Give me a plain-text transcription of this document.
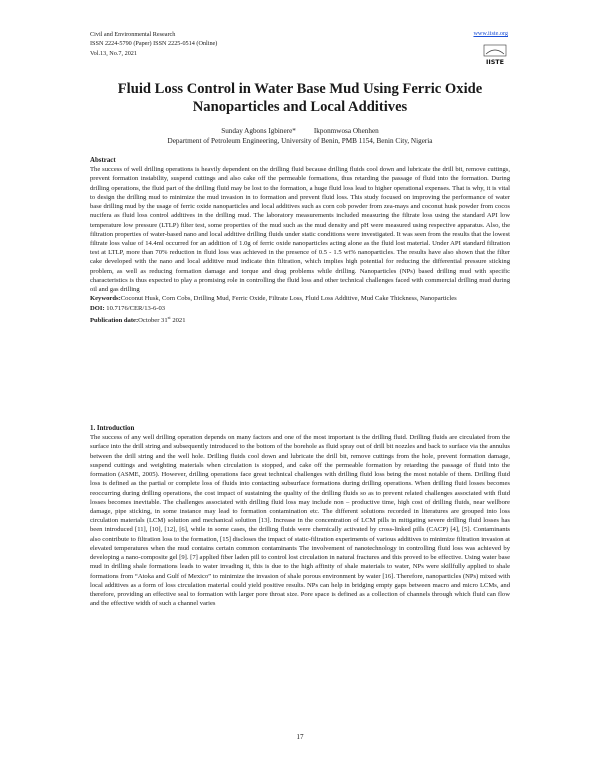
Civil and Environmental Research
ISSN 2224-5790 (Paper) ISSN 2225-0514 (Online)
Vol.13, No.7, 2021
www.iiste.org
IISTE
Fluid Loss Control in Water Base Mud Using Ferric Oxide Nanoparticles and Local Additives
Sunday Agbons Igbinere*	Ikponmwosa Ohenhen
Department of Petroleum Engineering, University of Benin, PMB 1154, Benin City, Nigeria
Abstract

The success of well drilling operations is heavily dependent on the drilling fluid because drilling fluids cool down and lubricate the drill bit, remove cuttings, prevent formation instability, suspend cuttings and also cake off the permeable formations, thus retarding the passage of fluid into the formation. During drilling operations, the fluid part of the drilling fluid may be lost to the formation, a huge fluid loss lead to higher operational expenses. That is why, it is vital to design the drilling mud to minimize the mud invasion in to formation and prevent fluid loss. This study focused on improving the performance of water base drilling mud by the usage of ferric oxide nanoparticles and local additives such as corn cob powder from zea-mays and coconut husk powder from cocos nucifera as fluid loss control additives in the drilling mud. The laboratory measurements included measuring the filtrate loss using the standard API low temperature low pressure (LTLP) filter test, some properties of the mud such as the mud density and pH were measured using respective apparatus. Also, the filtration properties of water-based nano and local additive drilling fluids under static conditions were investigated. It was seen from the results that the lowest filtrate loss value of 14.4ml occurred for an addition of 1.0g of ferric oxide nanoparticles acting alone as the fluid lost material. Under API standard filtration test at LTLP, more than 70% reduction in fluid loss was achieved in the presence of 0.5 - 1.5 wt% nanoparticles. The results have also shown that the filter cake developed with the nano and local additive mud indicate thin filtration, which implies high potential for reducing the differential pressure sticking problem, as well as reducing formation damage and torque and drag problems while drilling. Nanoparticles (NPs) based drilling mud with specific characteristics is thus expected to play a promising role in controlling the fluid loss and other technical challenges faced with commercial drilling mud during oil and gas drilling

Keywords:Coconut Husk, Corn Cobs, Drilling Mud, Ferric Oxide, Filtrate Loss, Fluid Loss Additive, Mud Cake Thickness, Nanoparticles
DOI: 10.7176/CER/13-6-03
Publication date:October 31st 2021
1. Introduction

The success of any well drilling operation depends on many factors and one of the most important is the drilling fluid. Drilling fluids are circulated from the surface into the drill string and subsequently introduced to the bottom of the borehole as fluid spray out of drill bit nozzles and back to surface via the annulus between the drill string and the well hole. Drilling fluids cool down and lubricate the drill bit, remove cuttings from the hole, prevent formation damage, suspend cuttings and weighting materials when circulation is stopped, and cake off the permeable formation by retarding the passage of fluid into the formation (ASME, 2005). However, drilling operations face great technical challenges with drilling fluid loss being the most notable of them. Drilling fluid loss is defined as the partial or complete loss of fluids into contacting subsurface formations during drilling operations. When drilling fluid losses becomes reoccurring during drilling operations, the cost impact of sustaining the quality of the drilling fluids so as to prevent related challenges associated with fluid losses becomes inevitable. The challenges associated with drilling fluid loss may include non – productive time, high cost of drilling fluids, near wellbore damage, pipe sticking, in some instance may lead to formation contamination etc. The different solutions recorded in literatures are grouped into loss circulation materials (LCM) solution and mechanical solution [13]. Increase in the concentration of LCM pills in mitigating severe drilling fluid losses has been introduced [11], [10], [12], [6], while in some cases, the drilling fluids were chemically activated by cross-linked pills (CACP) [4], [5]. Contaminants also contribute to filtration loss to the formation, [15] discloses the impact of static-filtration experiments of various additives to minimize filtration invasion at elevated temperatures when the mud contains certain common contaminants The involvement of nanotechnology in controlling fluid loss was achieved by developing a nano-composite gel [9]. [7] applied fiber laden pill to control lost circulation in natural fractures and this proved to be effective. Using water base mud in drilling shale formations leads to water invading it, this is due to the high affinity of shale materials to water, NPs were skillfully applied to shale formations from “Atoka and Gulf of Mexico” to minimize the invasion of shale porous environment by water [16]. Therefore, nanoparticles (NPs) mixed with local additives as a form of loss circulation material could yield positive results. NPs can help in bridging empty gaps between macro and micro LCMs, and therefore, providing an effective seal to formation with larger pore throat size. Pore space is defined as a collection of channels through which fluid can flow and the effective width of such a channel varies

17
